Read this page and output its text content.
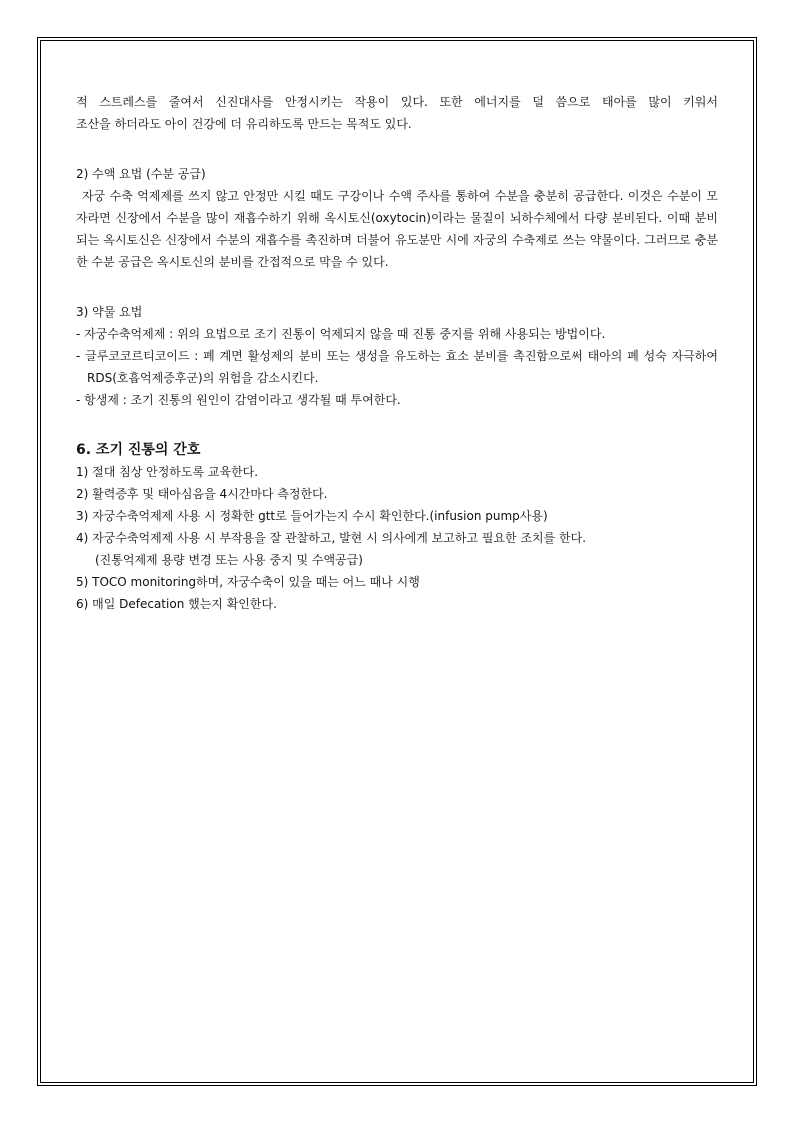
적 스트레스를 줄여서 신진대사를 안정시키는 작용이 있다. 또한 에너지를 덜 씀으로 태아를 많이 키워서

조산을 하더라도 아이 건강에 더 유리하도록 만드는 목적도 있다.

2) 수액 요법 (수분 공급)

자궁 수축 억제제를 쓰지 않고 안정만 시킬 때도 구강이나 수액 주사를 통하여 수분을 충분히 공급한다. 이것은 수분이 모자라면 신장에서 수분을 많이 재흡수하기 위해 옥시토신(oxytocin)이라는 물질이 뇌하수체에서 다량 분비된다. 이때 분비되는 옥시토신은 신장에서 수분의 재흡수를 촉진하며 더불어 유도분만 시에 자궁의 수축제로 쓰는 약물이다. 그러므로 충분한 수분 공급은 옥시토신의 분비를 간접적으로 막을 수 있다.

3) 약물 요법

- 자궁수축억제제 : 위의 요법으로 조기 진통이 억제되지 않을 때 진통 중지를 위해 사용되는 방법이다.

- 글루코코르티코이드 : 폐 계면 활성제의 분비 또는 생성을 유도하는 효소 분비를 촉진함으로써 태아의 폐 성숙 자극하여 RDS(호흡억제증후군)의 위험을 감소시킨다.

- 항생제 : 조기 진통의 원인이 감염이라고 생각될 때 투여한다.

6. 조기 진통의 간호

1) 절대 침상 안정하도록 교육한다.

2) 활력증후 및 태아심음을 4시간마다 측정한다.

3) 자궁수축억제제 사용 시 정확한 gtt로 들어가는지 수시 확인한다.(infusion pump사용)

4) 자궁수축억제제 사용 시 부작용을 잘 관찰하고, 발현 시 의사에게 보고하고 필요한 조치를 한다.

(진통억제제 용량 변경 또는 사용 중지 및 수액공급)

5) TOCO monitoring하며, 자궁수축이 있을 때는 어느 때나 시행

6) 매일 Defecation 했는지 확인한다.
